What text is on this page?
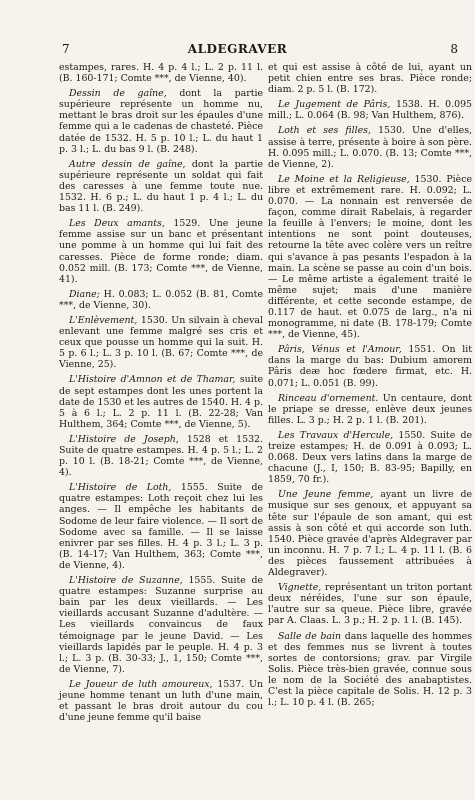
7	ALDEGRAVER	8

estampes, rares. H. 4 p. 4 l.; L. 2 p. 11 l. (B. 160-171; Comte ***, de Vienne, 40).

Dessin de gaîne, dont la partie supérieure représente un homme nu, mettant le bras droit sur les épaules d'une femme qui a le cadenas de chasteté. Pièce datée de 1532. H. 5 p. 10 l.; L. du haut 1 p. 3 l.; L. du bas 9 l. (B. 248).

Autre dessin de gaîne, dont la partie supérieure représente un soldat qui fait des caresses à une femme toute nue. 1532. H. 6 p.; L. du haut 1 p. 4 l.; L. du bas 11 l. (B. 249).

Les Deux amants, 1529. Une jeune femme assise sur un banc et présentant une pomme à un homme qui lui fait des caresses. Pièce de forme ronde; diam. 0.052 mill. (B. 173; Comte ***, de Vienne, 41).

Diane; H. 0.083; L. 0.052 (B. 81, Comte ***, de Vienne, 30).

L'Enlèvement, 1530. Un silvain à cheval enlevant une femme malgré ses cris et ceux que pousse un homme qui la suit. H. 5 p. 6 l.; L. 3 p. 10 l. (B. 67; Comte ***, de Vienne, 25).

L'Histoire d'Amnon et de Thamar, suite de sept estampes dont les unes portent la date de 1530 et les autres de 1540. H. 4 p. 5 à 6 l.; L. 2 p. 11 l. (B. 22-28; Van Hulthem, 364; Comte ***, de Vienne, 5).

L'Histoire de Joseph, 1528 et 1532. Suite de quatre estampes. H. 4 p. 5 l.; L. 2 p. 10 l. (B. 18-21; Comte ***, de Vienne, 4).

L'Histoire de Loth, 1555. Suite de quatre estampes: Loth reçoit chez lui les anges. — Il empêche les habitants de Sodome de leur faire violence. — Il sort de Sodome avec sa famille. — Il se laisse enivrer par ses filles. H. 4 p. 3 l.; L. 3 p. (B. 14-17; Van Hulthem, 363; Comte ***, de Vienne, 4).

L'Histoire de Suzanne, 1555. Suite de quatre estampes: Suzanne surprise au bain par les deux vieillards. — Les vieillards accusant Suzanne d'adultère. — Les vieillards convaincus de faux témoignage par le jeune David. — Les vieillards lapidés par le peuple. H. 4 p. 3 l.; L. 3 p. (B. 30-33; J., 1, 150; Comte ***, de Vienne, 7).

Le Joueur de luth amoureux, 1537. Un jeune homme tenant un luth d'une main, et passant le bras droit autour du cou d'une jeune femme qu'il baise

et qui est assise à côté de lui, ayant un petit chien entre ses bras. Pièce ronde; diam. 2 p. 5 l. (B. 172).

Le Jugement de Pâris, 1538. H. 0.095 mill.; L. 0.064 (B. 98; Van Hulthem, 876).

Loth et ses filles, 1530. Une d'elles, assise à terre, présente à boire à son père. H. 0.095 mill.; L. 0.070. (B. 13; Comte ***, de Vienne, 2).

Le Moine et la Religieuse, 1530. Pièce libre et extrêmement rare. H. 0.092; L. 0.070. — La nonnain est renversée de façon, comme dirait Rabelais, à regarder la feuille à l'envers; le moine, dont les intentions ne sont point douteuses, retourne la tête avec colère vers un reître qui s'avance à pas pesants l'espadon à la main. La scène se passe au coin d'un bois. — Le même artiste a également traité le même sujet; mais d'une manière différente, et cette seconde estampe, de 0.117 de haut. et 0.075 de larg., n'a ni monogramme, ni date (B. 178-179; Comte ***, de Vienne, 45).

Pâris, Vénus et l'Amour, 1551. On lit dans la marge du bas: Dubium amorem Pâris deæ hoc fœdere firmat, etc. H. 0.071; L. 0.051 (B. 99).

Rinceau d'ornement. Un centaure, dont le priape se dresse, enlève deux jeunes filles. L. 3 p.; H. 2 p. 1 l. (B. 201).

Les Travaux d'Hercule, 1550. Suite de treize estampes; H. de 0.091 à 0.093; L. 0.068. Deux vers latins dans la marge de chacune (J., I, 150; B. 83-95; Bapilly, en 1859, 70 fr.).

Une Jeune femme, ayant un livre de musique sur ses genoux, et appuyant sa tête sur l'épaule de son amant, qui est assis à son côté et qui accorde son luth. 1540. Pièce gravée d'après Aldegraver par un inconnu. H. 7 p. 7 l.; L. 4 p. 11 l. (B. 6 des pièces faussement attribuées à Aldegraver).

Vignette, représentant un triton portant deux néréides, l'une sur son épaule, l'autre sur sa queue. Pièce libre, gravée par A. Claas. L. 3 p.; H. 2 p. 1 l. (B. 145).

Salle de bain dans laquelle des hommes et des femmes nus se livrent à toutes sortes de contorsions; grav. par Virgile Solis. Pièce très-bien gravée, connue sous le nom de la Société des anabaptistes. C'est la pièce capitale de Solis. H. 12 p. 3 l.; L. 10 p. 4 l. (B. 265;
